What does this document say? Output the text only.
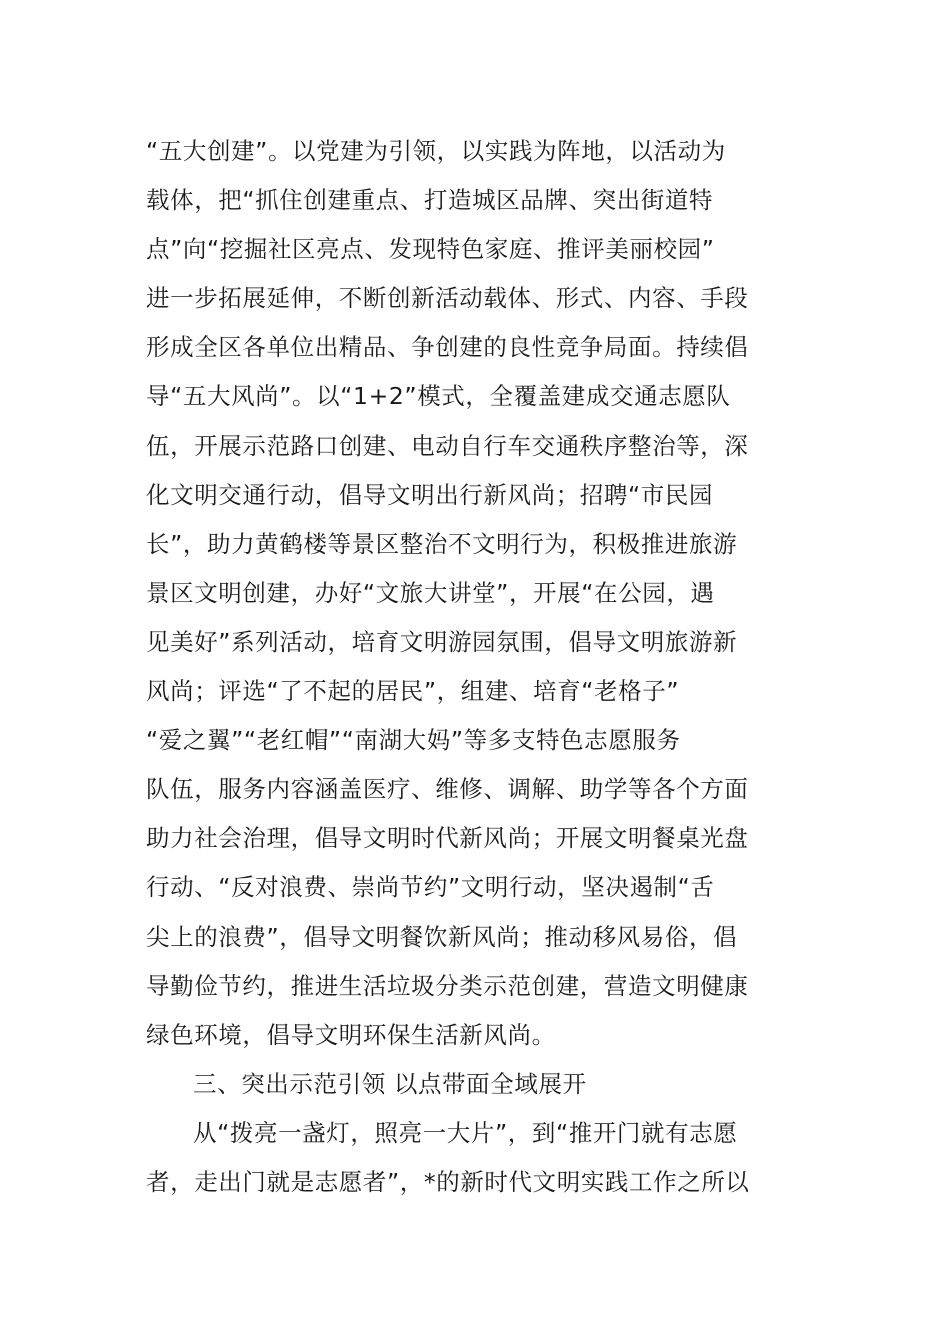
“五大创建”。以党建为引领，以实践为阵地，以活动为
载体，把“抓住创建重点、打造城区品牌、突出街道特
点”向“挖掘社区亮点、发现特色家庭、推评美丽校园”
进一步拓展延伸，不断创新活动载体、形式、内容、手段
形成全区各单位出精品、争创建的良性竞争局面。持续倡
导“五大风尚”。以“1+2”模式，全覆盖建成交通志愿队
伍，开展示范路口创建、电动自行车交通秩序整治等，深
化文明交通行动，倡导文明出行新风尚；招聘“市民园
长”，助力黄鹤楼等景区整治不文明行为，积极推进旅游
景区文明创建，办好“文旅大讲堂”，开展“在公园，遇
见美好”系列活动，培育文明游园氛围，倡导文明旅游新
风尚；评选“了不起的居民”，组建、培育“老格子”
“爱之翼”“老红帽”“南湖大妈”等多支特色志愿服务
队伍，服务内容涵盖医疗、维修、调解、助学等各个方面
助力社会治理，倡导文明时代新风尚；开展文明餐桌光盘
行动、“反对浪费、崇尚节约”文明行动，坚决遏制“舌
尖上的浪费”，倡导文明餐饮新风尚；推动移风易俗，倡
导勤俭节约，推进生活垃圾分类示范创建，营造文明健康
绿色环境，倡导文明环保生活新风尚。
三、突出示范引领 以点带面全域展开
从“拨亮一盏灯，照亮一大片”，到“推开门就有志愿
者，走出门就是志愿者”，*的新时代文明实践工作之所以
